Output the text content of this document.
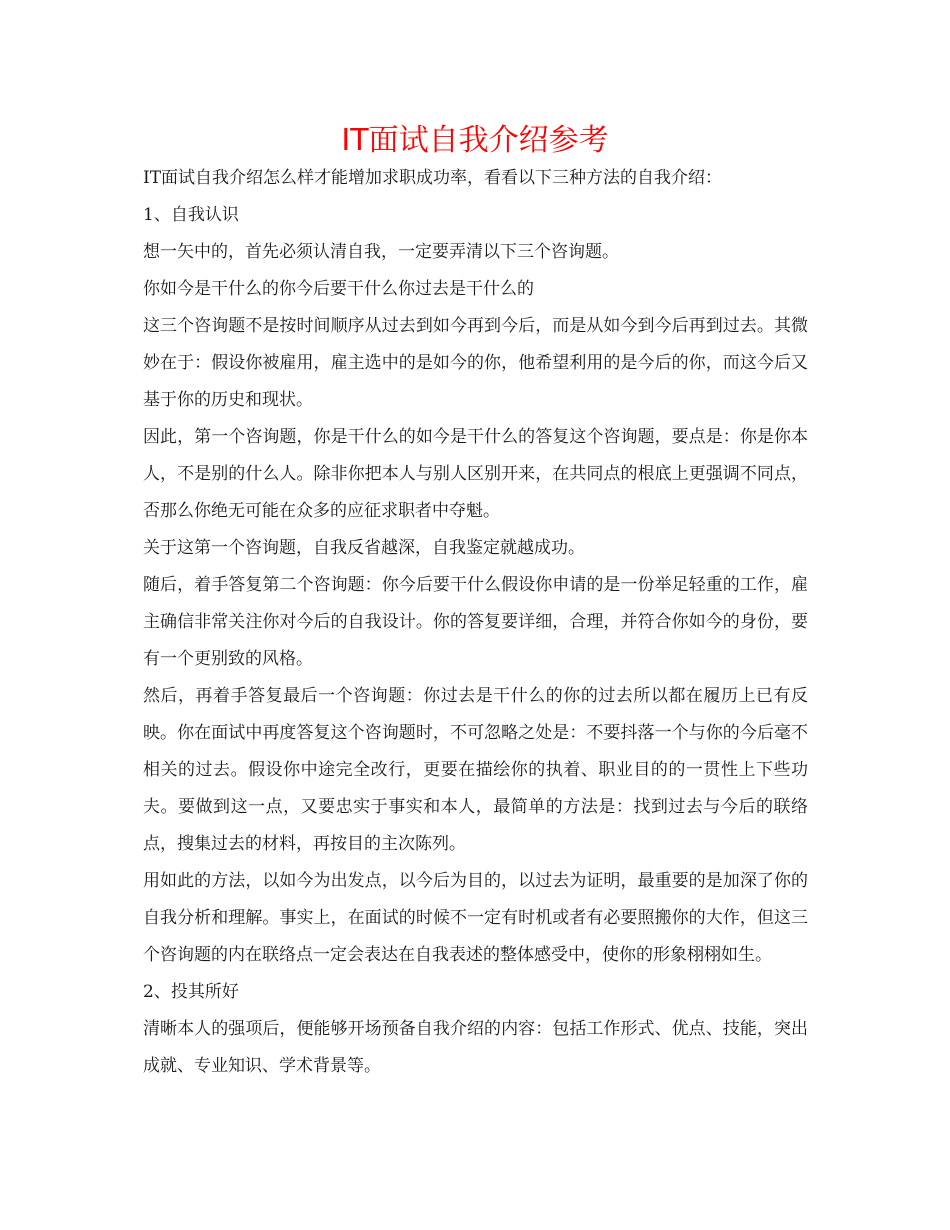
IT面试自我介绍参考

IT面试自我介绍怎么样才能增加求职成功率，看看以下三种方法的自我介绍：

1、自我认识

想一矢中的，首先必须认清自我，一定要弄清以下三个咨询题。

你如今是干什么的你今后要干什么你过去是干什么的

这三个咨询题不是按时间顺序从过去到如今再到今后，而是从如今到今后再到过去。其微妙在于：假设你被雇用，雇主选中的是如今的你，他希望利用的是今后的你，而这今后又基于你的历史和现状。

因此，第一个咨询题，你是干什么的如今是干什么的答复这个咨询题，要点是：你是你本人，不是别的什么人。除非你把本人与别人区别开来，在共同点的根底上更强调不同点，否那么你绝无可能在众多的应征求职者中夺魁。

关于这第一个咨询题，自我反省越深，自我鉴定就越成功。

随后，着手答复第二个咨询题：你今后要干什么假设你申请的是一份举足轻重的工作，雇主确信非常关注你对今后的自我设计。你的答复要详细，合理，并符合你如今的身份，要有一个更别致的风格。

然后，再着手答复最后一个咨询题：你过去是干什么的你的过去所以都在履历上已有反映。你在面试中再度答复这个咨询题时，不可忽略之处是：不要抖落一个与你的今后毫不相关的过去。假设你中途完全改行，更要在描绘你的执着、职业目的的一贯性上下些功夫。要做到这一点，又要忠实于事实和本人，最简单的方法是：找到过去与今后的联络点，搜集过去的材料，再按目的主次陈列。

用如此的方法，以如今为出发点，以今后为目的，以过去为证明，最重要的是加深了你的自我分析和理解。事实上，在面试的时候不一定有时机或者有必要照搬你的大作，但这三个咨询题的内在联络点一定会表达在自我表述的整体感受中，使你的形象栩栩如生。

2、投其所好

清晰本人的强项后，便能够开场预备自我介绍的内容：包括工作形式、优点、技能，突出成就、专业知识、学术背景等。
